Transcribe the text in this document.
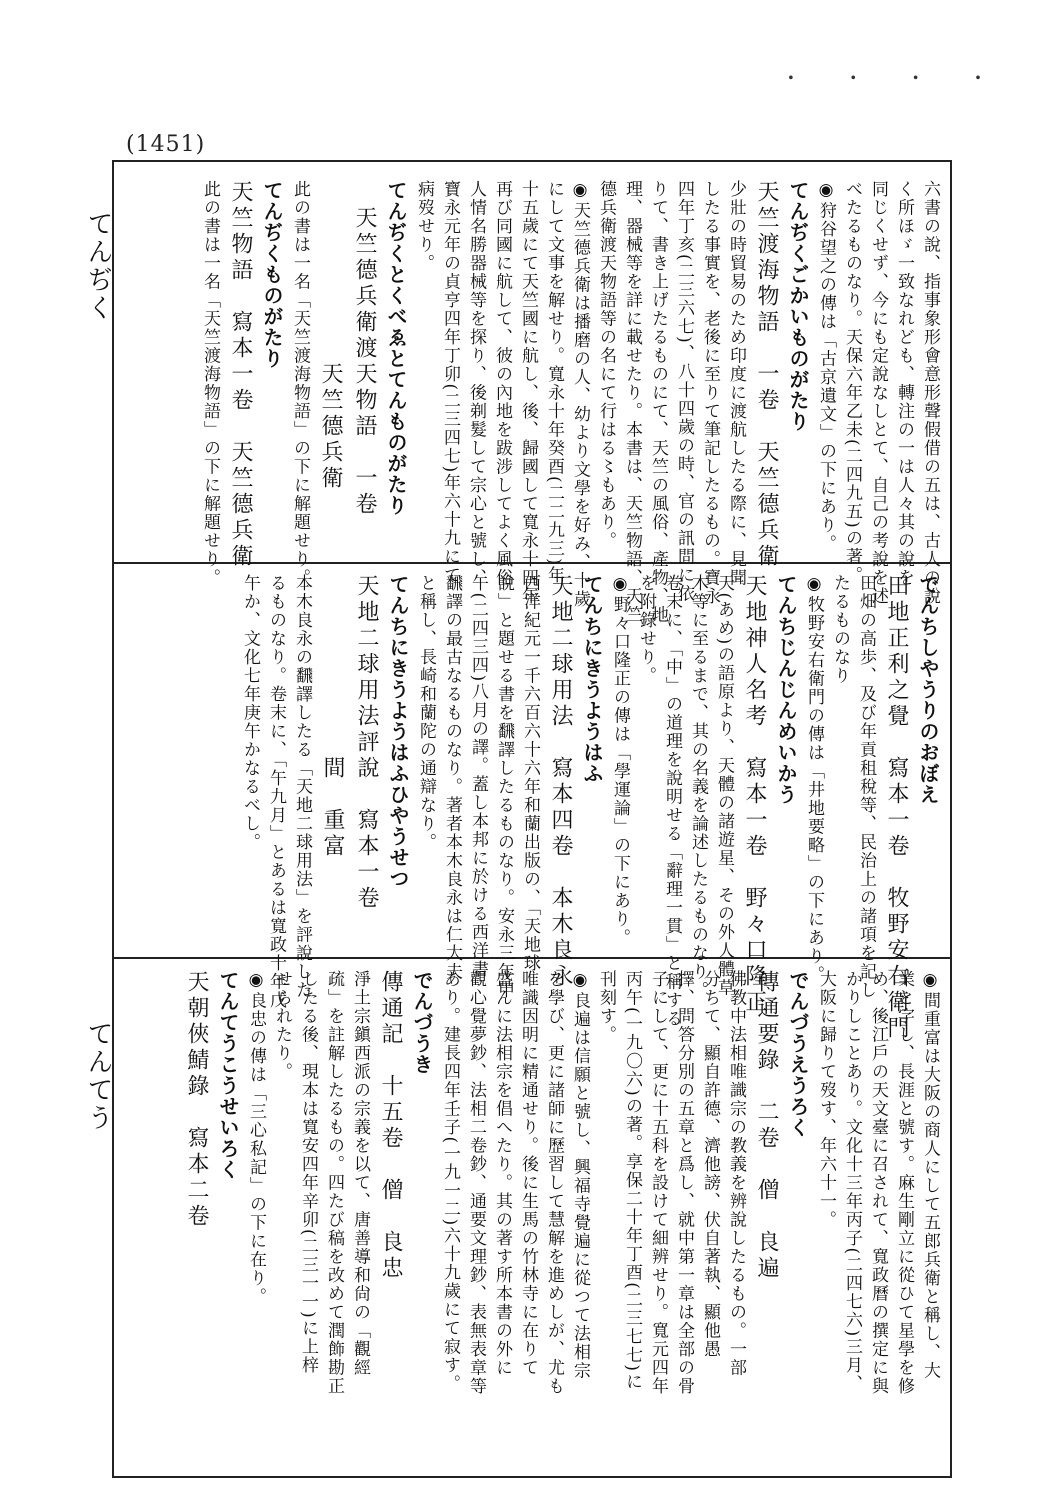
・ ・ ・ ・
(1451)
てんぢく
てんてう
六書の說、指事象形會意形聲假借の五は、古人の說
く所ほゞ一致なれども、轉注の一は人々其の說を
同じくせず、今にも定說なしとて、自己の考說を述
べたるものなり。天保六年乙未(二四九五)の著。
◉狩谷望之の傳は「古京遺文」の下にあり。
てんぢくごかいものがたり
天竺渡海物語　一卷　天竺德兵衛
少壯の時貿易のため印度に渡航したる際に、見聞
したる事實を、老後に至りて筆記したるもの。寶永
四年丁亥(二三六七)、八十四歲の時、官の訊問に依
りて、書き上げたるものにて、天竺の風俗、產物、地
理、器械等を詳に載せたり。本書は、天竺物語、天竺
德兵衛渡天物語等の名にて行はる〻もあり。
◉天竺德兵衛は播磨の人、幼より文學を好み、十歲
にして文事を解せり。寬永十年癸酉(二二九三)年
十五歲にて天竺國に航し、後、歸國して寬永十四年
再び同國に航して、彼の內地を跋涉してよく風俗
人情名勝器械等を探り、後剃髮して宗心と號し、
寶永元年の貞亨四年丁卯(二三四七)年六十九にて
病歿せり。
てんぢくとくべゑとてんものがたり
　天竺德兵衛渡天物語　一卷
　　　　　　　天竺德兵衛
此の書は一名「天竺渡海物語」の下に解題せり。
てんぢくものがたり
天竺物語　寫本一卷　天竺德兵衛
此の書は一名「天竺渡海物語」の下に解題せり。
でんちしやうりのおぼえ
田地正利之覺　寫本一卷　牧野安右衛門
田畑の高歩、及び年貢租稅等、民治上の諸項を記し
たるものなり
◉牧野安右衛門の傳は「井地要略」の下にあり。
てんちじんじんめいかう
天地神人名考　寫本一卷　野々口隆正
天(あめ)の語原より、天體の諸遊星、その外人體草
木等に至るまで、其の名義を論述したるものなり。
卷末に、「中」の道理を說明せる「辭理一貫」と稱する
を附錄せり。
◉野々口隆正の傳は「學運論」の下にあり。
てんちにきうようはふ
天地二球用法　寫本四卷　本木良永
西洋紀元一千六百六十六年和蘭出版の、「天地球
說」と題せる書を飜譯したるものなり。安永三年甲
午(二四三四)八月の譯。蓋し本邦に於ける西洋書
飜譯の最古なるものなり。著者本木良永は仁大夫
と稱し、長崎和蘭陀の通辯なり。
てんちにきうようはふひやうせつ
天地二球用法評說　寫本一卷
　　　　　　　間　重富
本木良永の飜譯したる「天地二球用法」を評說した
るものなり。卷末に、「午九月」とあるは寬政十年戊
午か、文化七年庚午かなるべし。
◉間重富は大阪の商人にして五郎兵衛と稱し、大
業と字し、長涯と號す。麻生剛立に從ひて星學を修
め、後江戶の天文臺に召されて、寬政曆の撰定に與
かりしことあり。文化十三年丙子(二四七六)三月、
大阪に歸りて歿す、年六十一。
でんづうえうろく
傳通要錄　二卷　僧　良遍
佛教中法相唯識宗の教義を辨說したるもの。一部
分ちて、顯自許德、濟他謗、伏自著執、顯他愚
擇、問答分別の五章と爲し、就中第一章は全部の骨
子にして、更に十五科を設けて細辨せり。寬元四年
丙午(一九〇六)の著。享保二十年丁酉(二三七七)に
刊刻す。
◉良遍は信願と號し、興福寺覺遍に從つて法相宗
を學び、更に諸師に歷習して慧解を進めしが、尤も
唯識因明に精通せり。後に生馬の竹林寺に在りて
盛んに法相宗を倡へたり。其の著す所本書の外に
觀心覺夢鈔、法相二卷鈔、通要文理鈔、表無表章等
あり。建長四年壬子(一九一二)六十九歲にて寂す。
でんづうき
傳通記　十五卷　僧　良忠
淨土宗鎭西派の宗義を以て、唐善導和尙の「觀經
疏」を註解したるもの。四たび稿を改めて潤飾勘正
したる後、現本は寬安四年辛卯(二三一一)に上梓
せられたり。
◉良忠の傳は「三心私記」の下に在り。
てんてうこうせいろく
天朝俠鯖錄　寫本二卷
